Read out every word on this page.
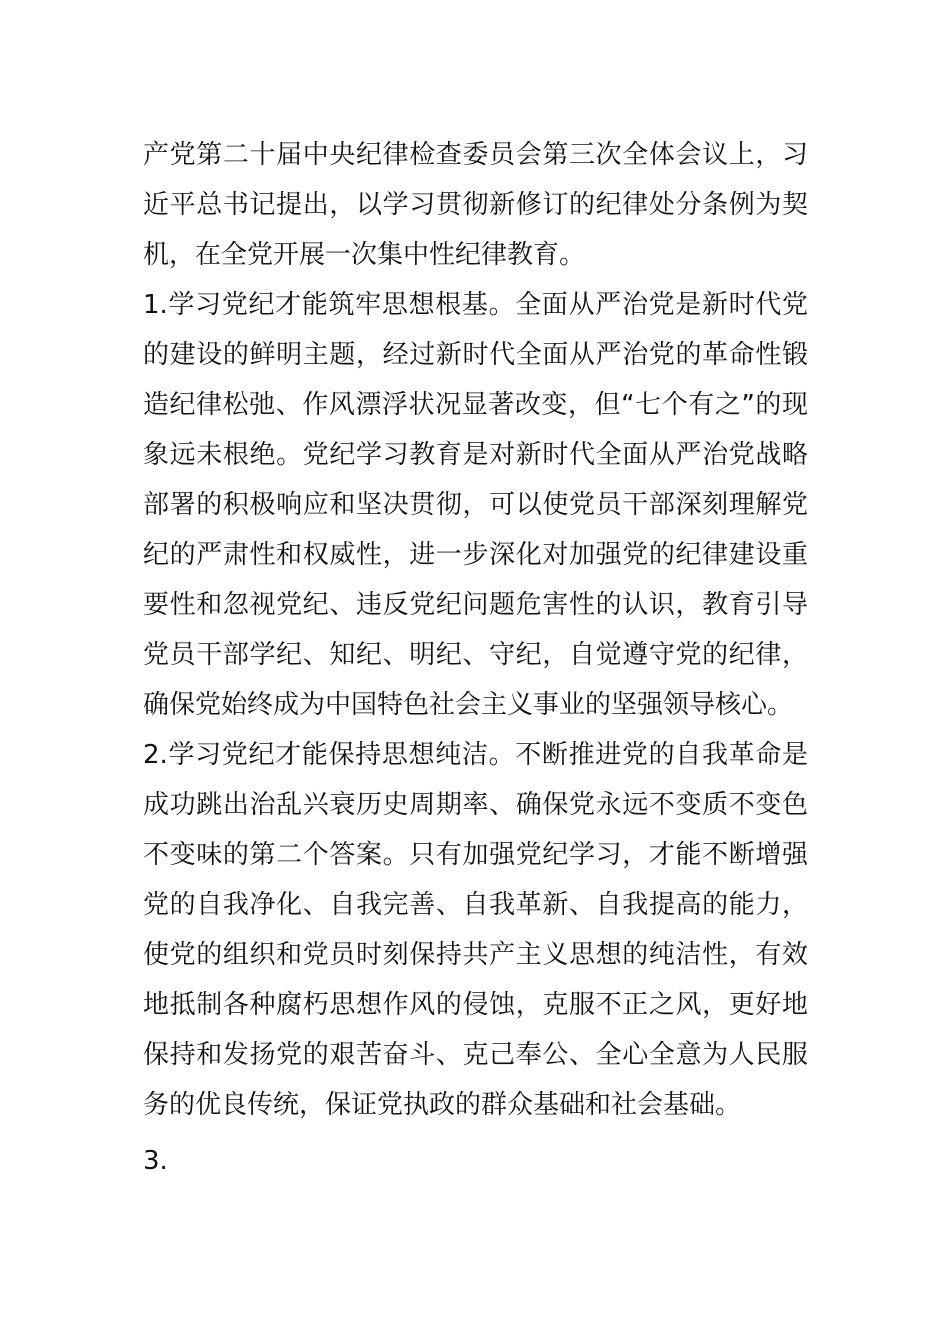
产党第二十届中央纪律检查委员会第三次全体会议上，习近平总书记提出，以学习贯彻新修订的纪律处分条例为契机，在全党开展一次集中性纪律教育。

1.学习党纪才能筑牢思想根基。全面从严治党是新时代党的建设的鲜明主题，经过新时代全面从严治党的革命性锻造纪律松弛、作风漂浮状况显著改变，但“七个有之”的现象远未根绝。党纪学习教育是对新时代全面从严治党战略部署的积极响应和坚决贯彻，可以使党员干部深刻理解党纪的严肃性和权威性，进一步深化对加强党的纪律建设重要性和忽视党纪、违反党纪问题危害性的认识，教育引导党员干部学纪、知纪、明纪、守纪，自觉遵守党的纪律，确保党始终成为中国特色社会主义事业的坚强领导核心。

2.学习党纪才能保持思想纯洁。不断推进党的自我革命是成功跳出治乱兴衰历史周期率、确保党永远不变质不变色不变味的第二个答案。只有加强党纪学习，才能不断增强党的自我净化、自我完善、自我革新、自我提高的能力，使党的组织和党员时刻保持共产主义思想的纯洁性，有效地抵制各种腐朽思想作风的侵蚀，克服不正之风，更好地保持和发扬党的艰苦奋斗、克己奉公、全心全意为人民服务的优良传统，保证党执政的群众基础和社会基础。

3.
